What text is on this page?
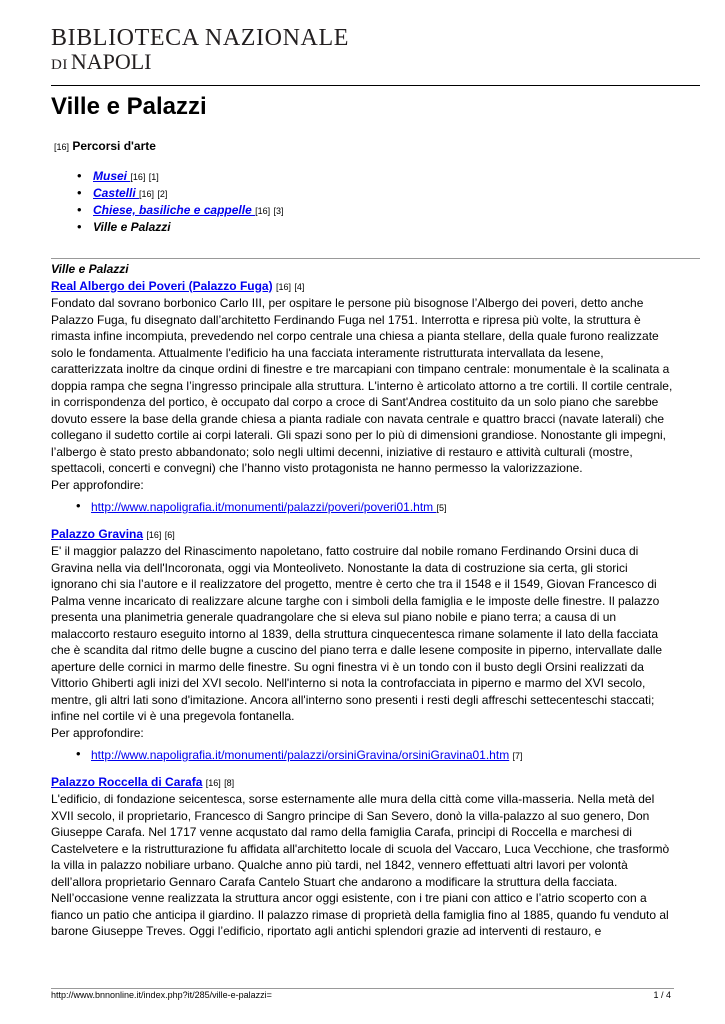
BIBLIOTECA NAZIONALE
DI NAPOLI
Ville e Palazzi
[16] Percorsi d'arte
• Musei [16] [1]
• Castelli [16] [2]
• Chiese, basiliche e cappelle [16] [3]
• Ville e Palazzi
Ville e Palazzi
Real Albergo dei Poveri (Palazzo Fuga) [16] [4]

Fondato dal sovrano borbonico Carlo III, per ospitare le persone più bisognose l’Albergo dei poveri, detto anche Palazzo Fuga, fu disegnato dall’architetto Ferdinando Fuga nel 1751. Interrotta e ripresa più volte, la struttura è rimasta infine incompiuta, prevedendo nel corpo centrale una chiesa a pianta stellare, della quale furono realizzate solo le fondamenta. Attualmente l'edificio ha una facciata interamente ristrutturata intervallata da lesene, caratterizzata inoltre da cinque ordini di finestre e tre marcapiani con timpano centrale: monumentale è la scalinata a doppia rampa che segna l’ingresso principale alla struttura. L'interno è articolato attorno a tre cortili. Il cortile centrale, in corrispondenza del portico, è occupato dal corpo a croce di Sant'Andrea costituito da un solo piano che sarebbe dovuto essere la base della grande chiesa a pianta radiale con navata centrale e quattro bracci (navate laterali) che collegano il sudetto cortile ai corpi laterali. Gli spazi sono per lo più di dimensioni grandiose. Nonostante gli impegni, l’albergo è stato presto abbandonato; solo negli ultimi decenni, iniziative di restauro e attività culturali (mostre, spettacoli, concerti e convegni) che l’hanno visto protagonista ne hanno permesso la valorizzazione.

Per approfondire:
• http://www.napoligrafia.it/monumenti/palazzi/poveri/poveri01.htm [5]
Palazzo Gravina [16] [6]

E' il maggior palazzo del Rinascimento napoletano, fatto costruire dal nobile romano Ferdinando Orsini duca di Gravina nella via dell'Incoronata, oggi via Monteoliveto. Nonostante la data di costruzione sia certa, gli storici ignorano chi sia l’autore e il realizzatore del progetto, mentre è certo che tra il 1548 e il 1549, Giovan Francesco di Palma venne incaricato di realizzare alcune targhe con i simboli della famiglia e le imposte delle finestre. Il palazzo presenta una planimetria generale quadrangolare che si eleva sul piano nobile e piano terra; a causa di un malaccorto restauro eseguito intorno al 1839, della struttura cinquecentesca rimane solamente il lato della facciata che è scandita dal ritmo delle bugne a cuscino del piano terra e dalle lesene composite in piperno, intervallate dalle aperture delle cornici in marmo delle finestre. Su ogni finestra vi è un tondo con il busto degli Orsini realizzati da Vittorio Ghiberti agli inizi del XVI secolo. Nell'interno si nota la controfacciata in piperno e marmo del XVI secolo, mentre, gli altri lati sono d'imitazione. Ancora all'interno sono presenti i resti degli affreschi settecenteschi staccati; infine nel cortile vi è una pregevola fontanella.

Per approfondire:
• http://www.napoligrafia.it/monumenti/palazzi/orsiniGravina/orsiniGravina01.htm [7]
Palazzo Roccella di Carafa [16] [8]

L'edificio, di fondazione seicentesca, sorse esternamente alle mura della città come villa-masseria. Nella metà del XVII secolo, il proprietario, Francesco di Sangro principe di San Severo, donò la villa-palazzo al suo genero, Don Giuseppe Carafa. Nel 1717 venne acqustato dal ramo della famiglia Carafa, principi di Roccella e marchesi di Castelvetere e la ristrutturazione fu affidata all'architetto locale di scuola del Vaccaro, Luca Vecchione, che trasformò la villa in palazzo nobiliare urbano. Qualche anno più tardi, nel 1842, vennero effettuati altri lavori per volontà dell’allora proprietario Gennaro Carafa Cantelo Stuart che andarono a modificare la struttura della facciata. Nell’occasione venne realizzata la struttura ancor oggi esistente, con i tre piani con attico e l’atrio scoperto con a fianco un patio che anticipa il giardino. Il palazzo rimase di proprietà della famiglia fino al 1885, quando fu venduto al barone Giuseppe Treves. Oggi l’edificio, riportato agli antichi splendori grazie ad interventi di restauro, e

http://www.bnnonline.it/index.php?it/285/ville-e-palazzi=	1 / 4
